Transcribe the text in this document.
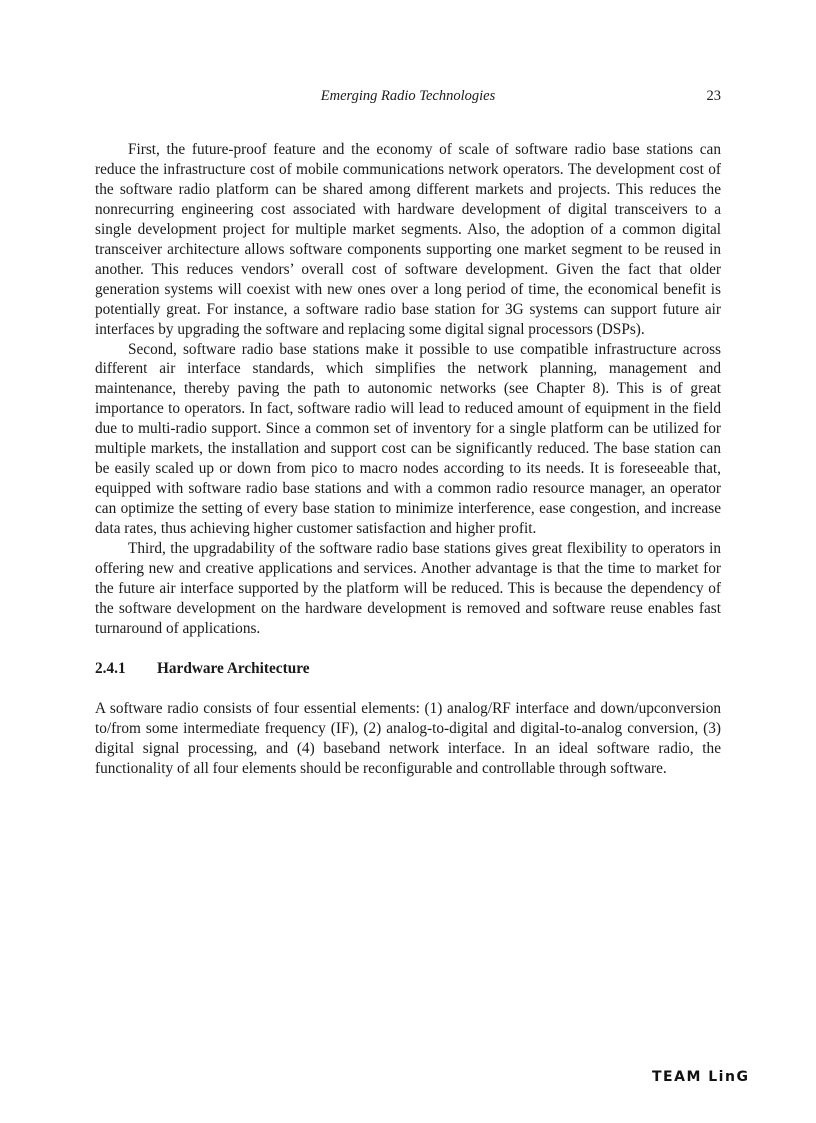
Emerging Radio Technologies	23

First, the future-proof feature and the economy of scale of software radio base stations can reduce the infrastructure cost of mobile communications network operators. The development cost of the software radio platform can be shared among different markets and projects. This reduces the nonrecurring engineering cost associated with hardware development of digital transceivers to a single development project for multiple market segments. Also, the adoption of a common digital transceiver architecture allows software components supporting one market segment to be reused in another. This reduces vendors’ overall cost of software development. Given the fact that older generation systems will coexist with new ones over a long period of time, the economical benefit is potentially great. For instance, a software radio base station for 3G systems can support future air interfaces by upgrading the software and replacing some digital signal processors (DSPs).

Second, software radio base stations make it possible to use compatible infrastructure across different air interface standards, which simplifies the network planning, management and maintenance, thereby paving the path to autonomic networks (see Chapter 8). This is of great importance to operators. In fact, software radio will lead to reduced amount of equipment in the field due to multi-radio support. Since a common set of inventory for a single platform can be utilized for multiple markets, the installation and support cost can be significantly reduced. The base station can be easily scaled up or down from pico to macro nodes according to its needs. It is foreseeable that, equipped with software radio base stations and with a common radio resource manager, an operator can optimize the setting of every base station to minimize interference, ease congestion, and increase data rates, thus achieving higher customer satisfaction and higher profit.

Third, the upgradability of the software radio base stations gives great flexibility to operators in offering new and creative applications and services. Another advantage is that the time to market for the future air interface supported by the platform will be reduced. This is because the dependency of the software development on the hardware development is removed and software reuse enables fast turnaround of applications.

2.4.1 Hardware Architecture

A software radio consists of four essential elements: (1) analog/RF interface and down/upconversion to/from some intermediate frequency (IF), (2) analog-to-digital and digital-to-analog conversion, (3) digital signal processing, and (4) baseband network interface. In an ideal software radio, the functionality of all four elements should be reconfigurable and controllable through software.

TEAM LinG
